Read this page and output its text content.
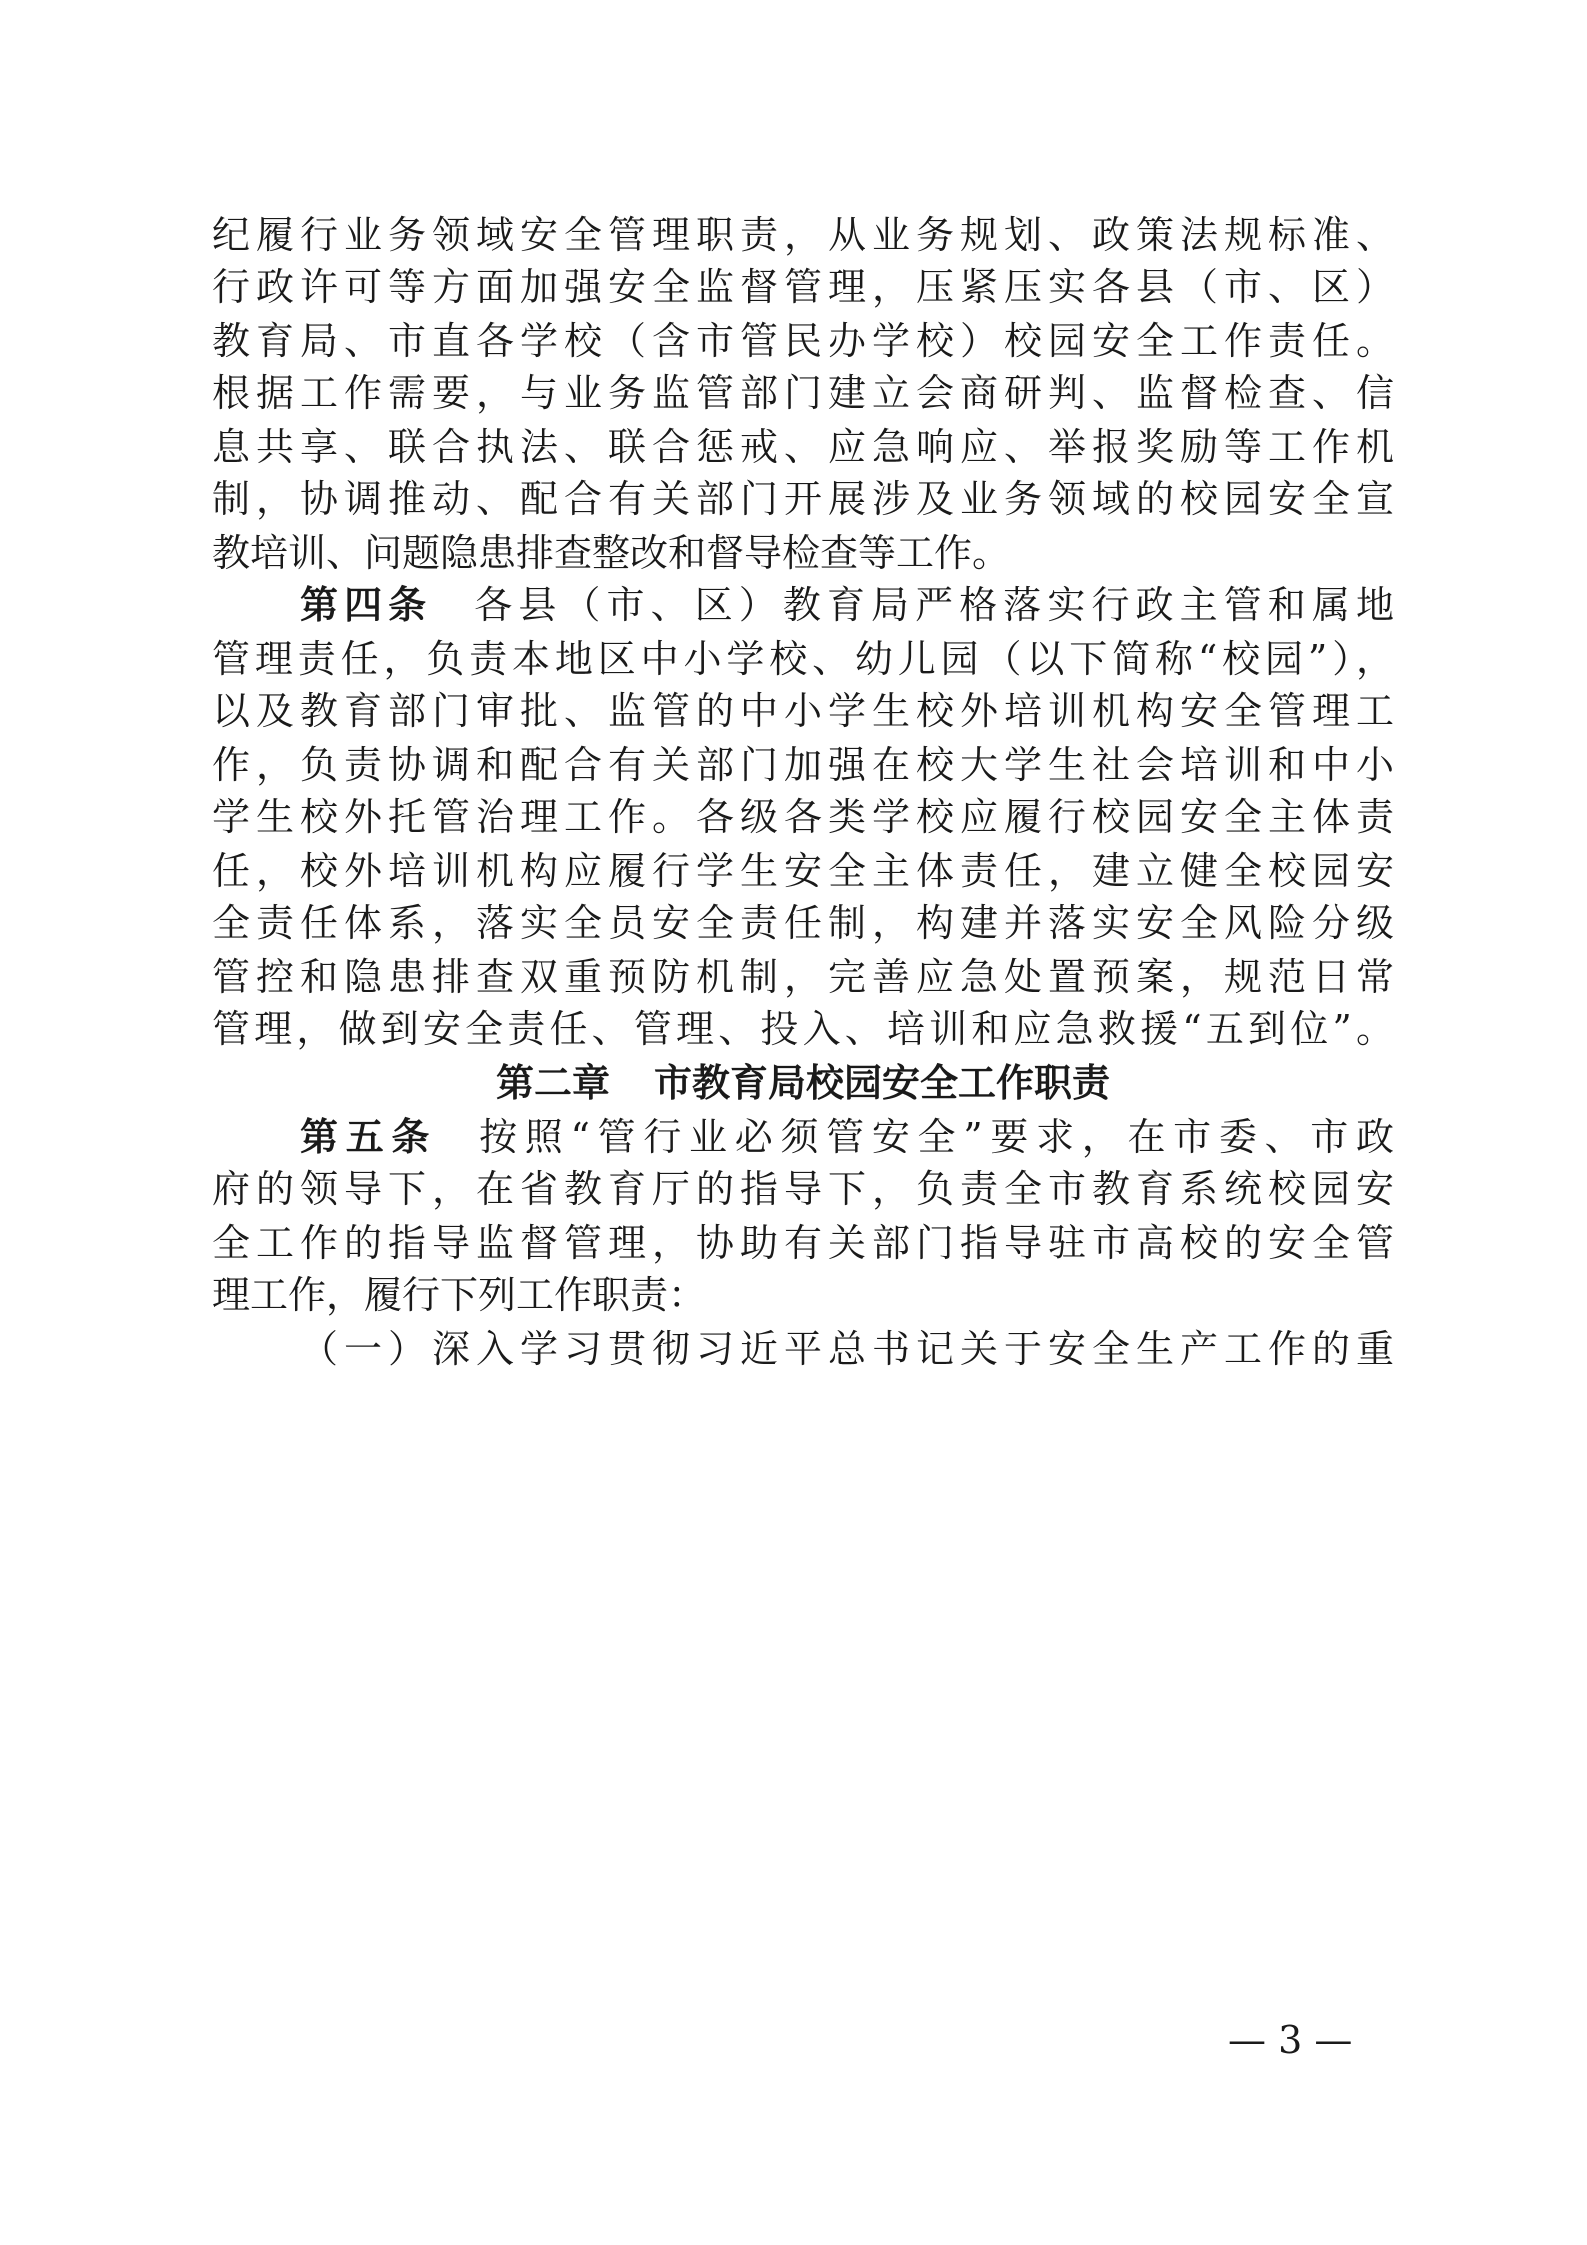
纪履行业务领域安全管理职责，从业务规划、政策法规标准、
行政许可等方面加强安全监督管理，压紧压实各县（市、区）
教育局、市直各学校（含市管民办学校）校园安全工作责任。
根据工作需要，与业务监管部门建立会商研判、监督检查、信
息共享、联合执法、联合惩戒、应急响应、举报奖励等工作机
制，协调推动、配合有关部门开展涉及业务领域的校园安全宣
教培训、问题隐患排查整改和督导检查等工作。
第四条 各县（市、区）教育局严格落实行政主管和属地
管理责任，负责本地区中小学校、幼儿园（以下简称“校园”），
以及教育部门审批、监管的中小学生校外培训机构安全管理工
作，负责协调和配合有关部门加强在校大学生社会培训和中小
学生校外托管治理工作。各级各类学校应履行校园安全主体责
任，校外培训机构应履行学生安全主体责任，建立健全校园安
全责任体系，落实全员安全责任制，构建并落实安全风险分级
管控和隐患排查双重预防机制，完善应急处置预案，规范日常
管理，做到安全责任、管理、投入、培训和应急救援“五到位”。
第二章 市教育局校园安全工作职责
第五条 按照“管行业必须管安全”要求，在市委、市政
府的领导下，在省教育厅的指导下，负责全市教育系统校园安
全工作的指导监督管理，协助有关部门指导驻市高校的安全管
理工作，履行下列工作职责：
（一）深入学习贯彻习近平总书记关于安全生产工作的重
— 3 —
